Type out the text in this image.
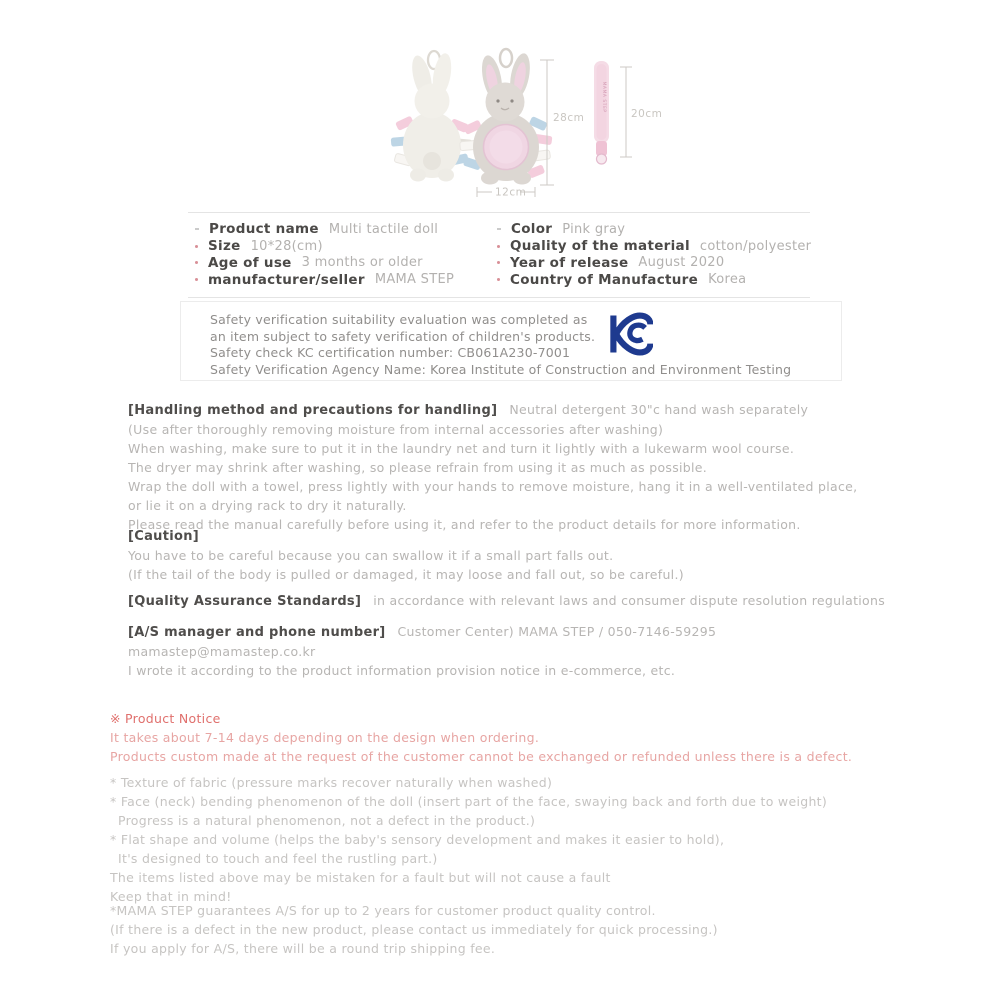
28cm
MAMA STEP
20cm
12cm
Product name Multi tactile doll
Size 10*28(cm)
Age of use 3 months or older
manufacturer/seller MAMA STEP
Color Pink gray
Quality of the material cotton/polyester
Year of release August 2020
Country of Manufacture Korea
Safety verification suitability evaluation was completed as
an item subject to safety verification of children's products.
Safety check KC certification number: CB061A230-7001
Safety Verification Agency Name: Korea Institute of Construction and Environment Testing
[Handling method and precautions for handling] Neutral detergent 30"c hand wash separately
(Use after thoroughly removing moisture from internal accessories after washing)
When washing, make sure to put it in the laundry net and turn it lightly with a lukewarm wool course.
The dryer may shrink after washing, so please refrain from using it as much as possible.
Wrap the doll with a towel, press lightly with your hands to remove moisture, hang it in a well-ventilated place,
or lie it on a drying rack to dry it naturally.
Please read the manual carefully before using it, and refer to the product details for more information.
[Caution]
You have to be careful because you can swallow it if a small part falls out.
(If the tail of the body is pulled or damaged, it may loose and fall out, so be careful.)
[Quality Assurance Standards] in accordance with relevant laws and consumer dispute resolution regulations
[A/S manager and phone number] Customer Center) MAMA STEP / 050-7146-59295
mamastep@mamastep.co.kr
I wrote it according to the product information provision notice in e-commerce, etc.
※ Product Notice
It takes about 7-14 days depending on the design when ordering.
Products custom made at the request of the customer cannot be exchanged or refunded unless there is a defect.
* Texture of fabric (pressure marks recover naturally when washed)
* Face (neck) bending phenomenon of the doll (insert part of the face, swaying back and forth due to weight)
Progress is a natural phenomenon, not a defect in the product.)
* Flat shape and volume (helps the baby's sensory development and makes it easier to hold),
It's designed to touch and feel the rustling part.)
The items listed above may be mistaken for a fault but will not cause a fault
Keep that in mind!
*MAMA STEP guarantees A/S for up to 2 years for customer product quality control.
(If there is a defect in the new product, please contact us immediately for quick processing.)
If you apply for A/S, there will be a round trip shipping fee.
